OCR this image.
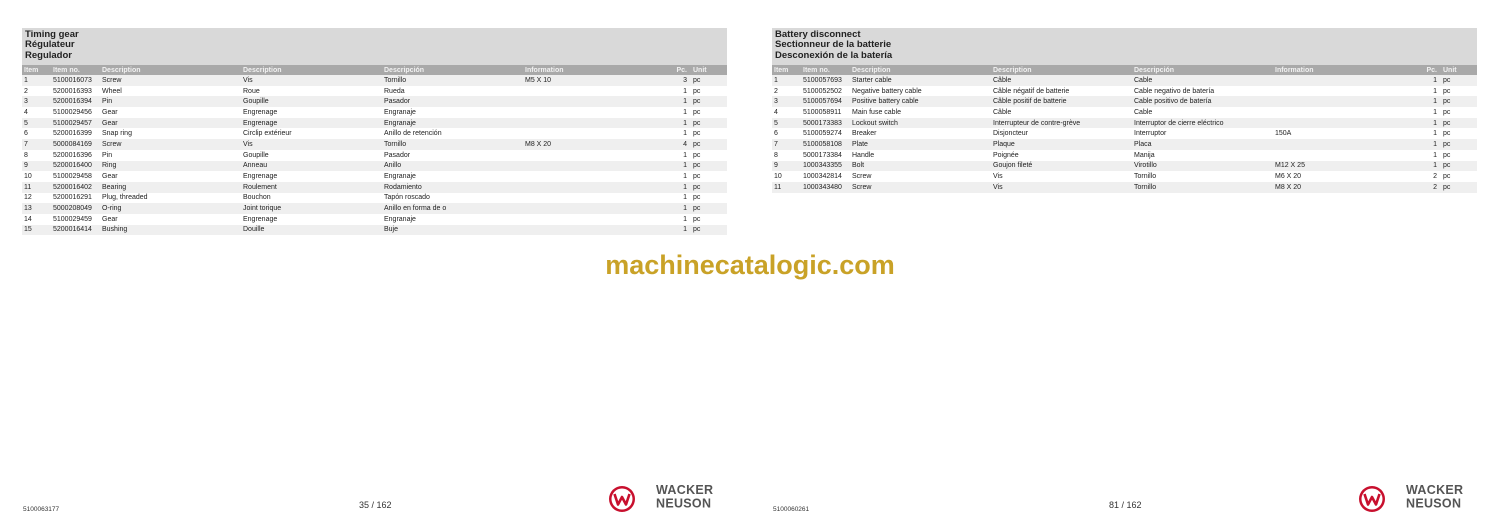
Timing gear
Régulateur
Regulador
Item	Item no.	Description	Description	Descripción	Information	Pc.	Unit
1	5100016073	Screw	Vis	Tornillo	M5 X 10	3	pc
2	5200016393	Wheel	Roue	Rueda		1	pc
3	5200016394	Pin	Goupille	Pasador		1	pc
4	5100029456	Gear	Engrenage	Engranaje		1	pc
5	5100029457	Gear	Engrenage	Engranaje		1	pc
6	5200016399	Snap ring	Circlip extérieur	Anillo de retención		1	pc
7	5000084169	Screw	Vis	Tornillo	M8 X 20	4	pc
8	5200016396	Pin	Goupille	Pasador		1	pc
9	5200016400	Ring	Anneau	Anillo		1	pc
10	5100029458	Gear	Engrenage	Engranaje		1	pc
11	5200016402	Bearing	Roulement	Rodamiento		1	pc
12	5200016291	Plug, threaded	Bouchon	Tapón roscado		1	pc
13	5000208049	O-ring	Joint torique	Anillo en forma de o		1	pc
14	5100029459	Gear	Engrenage	Engranaje		1	pc
15	5200016414	Bushing	Douille	Buje		1	pc
5100063177	35 / 162
WACKER
NEUSON
Battery disconnect
Sectionneur de la batterie
Desconexión de la batería
Item	Item no.	Description	Description	Descripción	Information	Pc.	Unit
1	5100057693	Starter cable	Câble	Cable		1	pc
2	5100052502	Negative battery cable	Câble négatif de batterie	Cable negativo de batería		1	pc
3	5100057694	Positive battery cable	Câble positif de batterie	Cable positivo de batería		1	pc
4	5100058911	Main fuse cable	Câble	Cable		1	pc
5	5000173383	Lockout switch	Interrupteur de contre-grève	Interruptor de cierre eléctrico		1	pc
6	5100059274	Breaker	Disjoncteur	Interruptor	150A	1	pc
7	5100058108	Plate	Plaque	Placa		1	pc
8	5000173384	Handle	Poignée	Manija		1	pc
9	1000343355	Bolt	Goujon fileté	Virotillo	M12 X 25	1	pc
10	1000342814	Screw	Vis	Tornillo	M6 X 20	2	pc
11	1000343480	Screw	Vis	Tornillo	M8 X 20	2	pc
5100060261	81 / 162
WACKER
NEUSON
machinecatalogic.com
